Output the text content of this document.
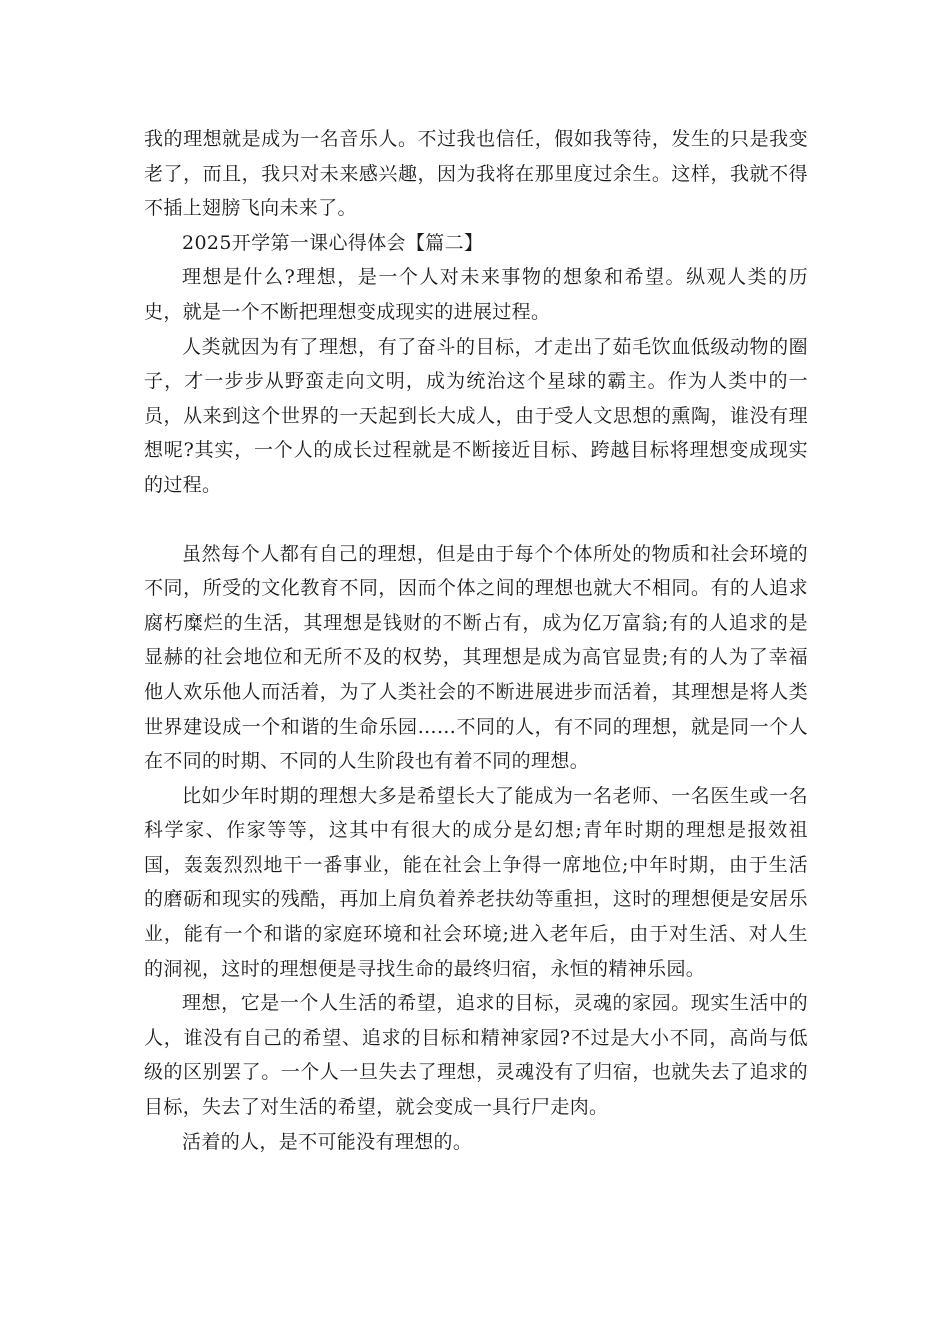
我的理想就是成为一名音乐人。不过我也信任，假如我等待，发生的只是我变老了，而且，我只对未来感兴趣，因为我将在那里度过余生。这样，我就不得不插上翅膀飞向未来了。

2025开学第一课心得体会【篇二】

理想是什么?理想，是一个人对未来事物的想象和希望。纵观人类的历史，就是一个不断把理想变成现实的进展过程。

人类就因为有了理想，有了奋斗的目标，才走出了茹毛饮血低级动物的圈子，才一步步从野蛮走向文明，成为统治这个星球的霸主。作为人类中的一员，从来到这个世界的一天起到长大成人，由于受人文思想的熏陶，谁没有理想呢?其实，一个人的成长过程就是不断接近目标、跨越目标将理想变成现实的过程。

虽然每个人都有自己的理想，但是由于每个个体所处的物质和社会环境的不同，所受的文化教育不同，因而个体之间的理想也就大不相同。有的人追求腐朽糜烂的生活，其理想是钱财的不断占有，成为亿万富翁;有的人追求的是显赫的社会地位和无所不及的权势，其理想是成为高官显贵;有的人为了幸福他人欢乐他人而活着，为了人类社会的不断进展进步而活着，其理想是将人类世界建设成一个和谐的生命乐园……不同的人，有不同的理想，就是同一个人在不同的时期、不同的人生阶段也有着不同的理想。

比如少年时期的理想大多是希望长大了能成为一名老师、一名医生或一名科学家、作家等等，这其中有很大的成分是幻想;青年时期的理想是报效祖国，轰轰烈烈地干一番事业，能在社会上争得一席地位;中年时期，由于生活的磨砺和现实的残酷，再加上肩负着养老扶幼等重担，这时的理想便是安居乐业，能有一个和谐的家庭环境和社会环境;进入老年后，由于对生活、对人生的洞视，这时的理想便是寻找生命的最终归宿，永恒的精神乐园。

理想，它是一个人生活的希望，追求的目标，灵魂的家园。现实生活中的人，谁没有自己的希望、追求的目标和精神家园?不过是大小不同，高尚与低级的区别罢了。一个人一旦失去了理想，灵魂没有了归宿，也就失去了追求的目标，失去了对生活的希望，就会变成一具行尸走肉。

活着的人，是不可能没有理想的。
